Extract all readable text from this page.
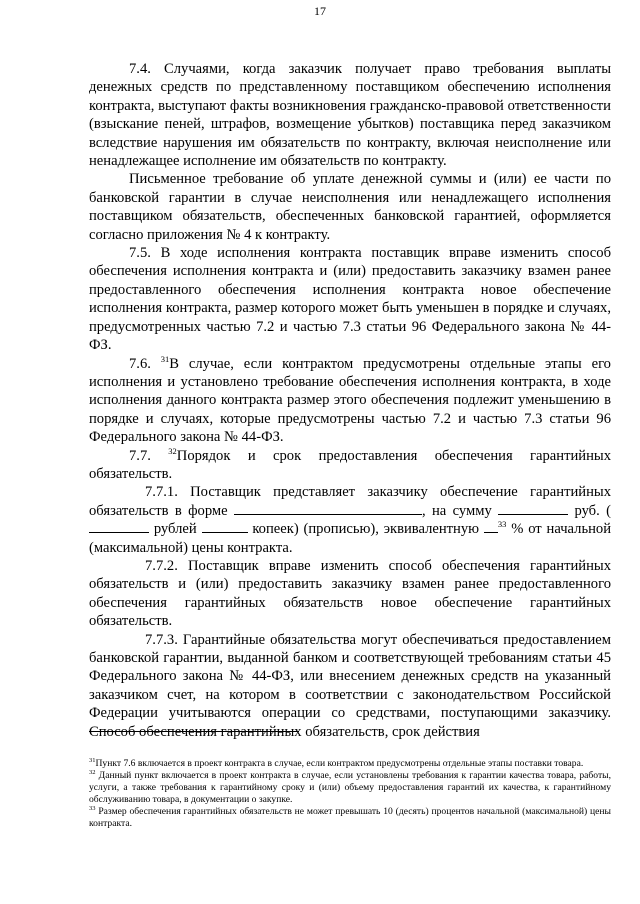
17

7.4. Случаями, когда заказчик получает право требования выплаты денежных средств по представленному поставщиком обеспечению исполнения контракта, выступают факты возникновения гражданско-правовой ответственности (взыскание пеней, штрафов, возмещение убытков) поставщика перед заказчиком вследствие нарушения им обязательств по контракту, включая неисполнение или ненадлежащее исполнение им обязательств по контракту.

Письменное требование об уплате денежной суммы и (или) ее части по банковской гарантии в случае неисполнения или ненадлежащего исполнения поставщиком обязательств, обеспеченных банковской гарантией, оформляется согласно приложения № 4 к контракту.

7.5. В ходе исполнения контракта поставщик вправе изменить способ обеспечения исполнения контракта и (или) предоставить заказчику взамен ранее предоставленного обеспечения исполнения контракта новое обеспечение исполнения контракта, размер которого может быть уменьшен в порядке и случаях, предусмотренных частью 7.2 и частью 7.3 статьи 96 Федерального закона № 44-ФЗ.

7.6. $^{31}$В случае, если контрактом предусмотрены отдельные этапы его исполнения и установлено требование обеспечения исполнения контракта, в ходе исполнения данного контракта размер этого обеспечения подлежит уменьшению в порядке и случаях, которые предусмотрены частью 7.2 и частью 7.3 статьи 96 Федерального закона № 44-ФЗ.

7.7. $^{32}$Порядок и срок предоставления обеспечения гарантийных обязательств.

7.7.1. Поставщик представляет заказчику обеспечение гарантийных обязательств в форме	, на сумму	руб. ( рублей	копеек) (прописью), эквивалентную $^{33}$ % от начальной (максимальной) цены контракта.

7.7.2. Поставщик вправе изменить способ обеспечения гарантийных обязательств и (или) предоставить заказчику взамен ранее предоставленного обеспечения гарантийных обязательств новое обеспечение гарантийных обязательств.

7.7.3. Гарантийные обязательства могут обеспечиваться предоставлением банковской гарантии, выданной банком и соответствующей требованиям статьи 45 Федерального закона № 44-ФЗ, или внесением денежных средств на указанный заказчиком счет, на котором в соответствии с законодательством Российской Федерации учитываются операции со средствами, поступающими заказчику. Способ обеспечения гарантийных обязательств, срок действия

$^{31}$Пункт 7.6 включается в проект контракта в случае, если контрактом предусмотрены отдельные этапы поставки товара.

$^{32}$ Данный пункт включается в проект контракта в случае, если установлены требования к гарантии качества товара, работы, услуги, а также требования к гарантийному сроку и (или) объему предоставления гарантий их качества, к гарантийному обслуживанию товара, в документации о закупке.

$^{33}$ Размер обеспечения гарантийных обязательств не может превышать 10 (десять) процентов начальной (максимальной) цены контракта.
